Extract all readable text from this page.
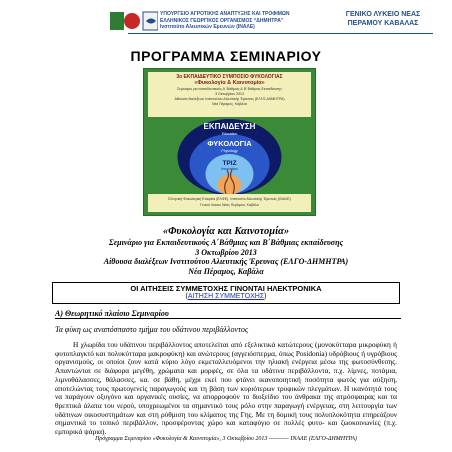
ΥΠΟΥΡΓΕΙΟ ΑΓΡΟΤΙΚΗΣ ΑΝΑΠΤΥΞΗΣ ΚΑΙ ΤΡΟΦΙΜΩΝ
ΕΛΛΗΝΙΚΟΣ ΓΕΩΡΓΙΚΟΣ ΟΡΓΑΝΙΣΜΟΣ “ΔΗΜΗΤΡΑ”
Ινστιτούτο Αλιευτικών Ερευνών (ΙΝΑΛΕ)
ΓΕΝΙΚΟ ΛΥΚΕΙΟ ΝΕΑΣ
ΠΕΡΑΜΟΥ ΚΑΒΑΛΑΣ
ΠΡΟΓΡΑΜΜΑ ΣΕΜΙΝΑΡΙΟΥ
3ο ΕΚΠΑΙΔΕΥΤΙΚΟ ΣΥΜΠΟΣΙΟ ΦΥΚΟΛΟΓΙΑΣ
«Φυκολογία & Καινοτομία»
Σεμινάριο για εκπαιδευτικούς Α' Βάθμιας & Β' Βάθμιας Εκπαίδευσης
3 Οκτωβρίου 2013
Αίθουσα διαλέξεων Ινστιτούτου Αλιευτικής Έρευνας (ΕΛΓΟ-ΔΗΜΗΤΡΑ)
Νέα Πέραμος, Καβάλα
ΕΚΠΑΙΔΕΥΣΗ
Education
ΦΥΚΟΛΟΓΙΑ
Phycology
ΤΡΙΖ
Innovation
Ελληνική Φυκολογική Εταιρεία (ΕΛΦΕ), Ινστιτούτο Αλιευτικής Έρευνας (ΙΝΑΛΕ)
Γενικό Λύκειο Νέας Περάμου, Καβάλα
«Φυκολογία και Καινοτομία»
Σεμινάριο για Εκπαιδευτικούς Α΄Βάθμιας και Β΄Βάθμιας εκπαίδευσης
3 Οκτωβρίου 2013
Αίθουσα διαλέξεων Ινστιτούτου Αλιευτικής Έρευνας (ΕΛΓΟ-ΔΗΜΗΤΡΑ)
Νέα Πέραμος, Καβάλα
ΟΙ ΑΙΤΗΣΕΙΣ ΣΥΜΜΕΤΟΧΗΣ ΓΙΝΟΝΤΑΙ ΗΛΕΚΤΡΟΝΙΚΑ
(ΑΙΤΗΣΗ ΣΥΜΜΕΤΟΧΗΣ)
Α) Θεωρητικό πλαίσιο Σεμιναρίου
Τα φύκη ως αναπόσπαστο τμήμα του υδάτινου περιβάλλοντος
Η χλωρίδα του υδάτινου περιβάλλοντος αποτελείται από εξελικτικά κατώτερους (μονοκύτταρα μικροφύκη ή φυτοπλαγκτό και πολυκύτταρα μακροφύκη) και ανώτερους (αγγειόσπερμα, όπως Posidonia) υδρόβιους ή υγρόβιους οργανισμούς, οι οποίοι ζουν κατά κύριο λόγο εκμεταλλευόμενοι την ηλιακή ενέργεια μέσω της φωτοσύνθεσης. Απαντώνται σε διάφορα μεγέθη, χρώματα και μορφές, σε όλα τα υδάτινα περιβάλλοντα, π.χ. λίμνες, ποτάμια, λιμνοθάλασσες, θάλασσες, κα. σε βάθη, μέχρι εκεί που φτάνει ικανοποιητική ποσότητα φωτός για αύξηση, αποτελώντας τους πρωτογενείς παραγωγούς και τη βάση των κυριότερων τροφικών πλεγμάτων. Η ικανότητά τους να παράγουν οξυγόνο και οργανικές ουσίες, να απορροφούν το διοξείδιο του άνθρακα της ατμόσφαιρας και τα θρεπτικά άλατα του νερού, υποχρεωμένοι τα σημαντικό τους ρόλο στην παραγωγή ενέργειας, στη λειτουργία των υδάτινων οικοσυστημάτων και στη ρύθμιση του κλίματος της Γης. Με τη δομική τους πολυπλοκότητα επηρεάζουν σημαντικά το τοπικό περιβάλλον, προσφέροντας χώρο και καταφύγιο σε πολλές φυτο- και ζωοκοινωνίες (π.χ. εμπορικά ψάρια).
Πρόγραμμα Σεμιναρίου «Φυκολογία & Καινοτομία», 3 Οκτωβρίου 2013 ---------- ΙΝΑΛΕ (ΕΛΓΟ-ΔΗΜΗΤΡΑ)
